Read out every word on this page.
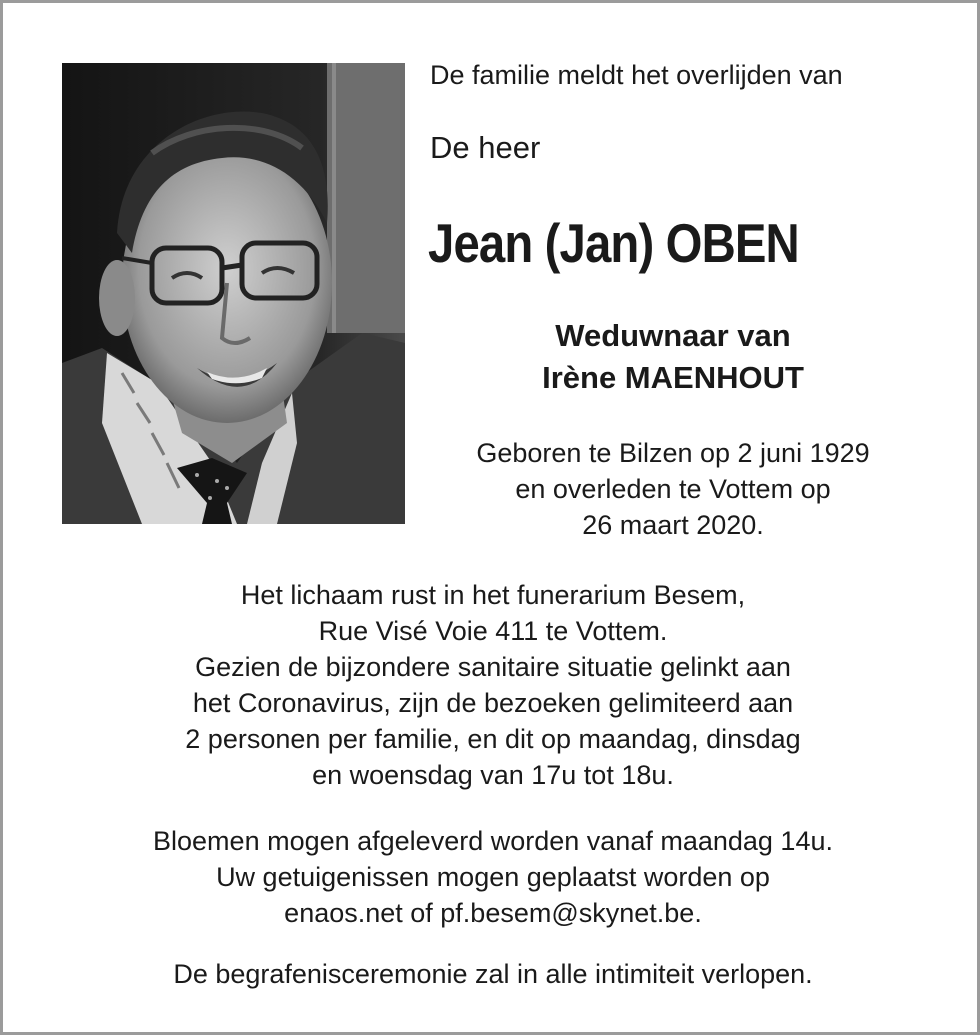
De familie meldt het overlijden van
De heer
Jean (Jan) OBEN
Weduwnaar van
Irène MAENHOUT
Geboren te Bilzen op 2 juni 1929
en overleden te Vottem op
26 maart 2020.
Het lichaam rust in het funerarium Besem,
Rue Visé Voie 411 te Vottem.
Gezien de bijzondere sanitaire situatie gelinkt aan
het Coronavirus, zijn de bezoeken gelimiteerd aan
2 personen per familie, en dit op maandag, dinsdag
en woensdag van 17u tot 18u.
Bloemen mogen afgeleverd worden vanaf maandag 14u.
Uw getuigenissen mogen geplaatst worden op
enaos.net of pf.besem@skynet.be.
De begrafenisceremonie zal in alle intimiteit verlopen.
